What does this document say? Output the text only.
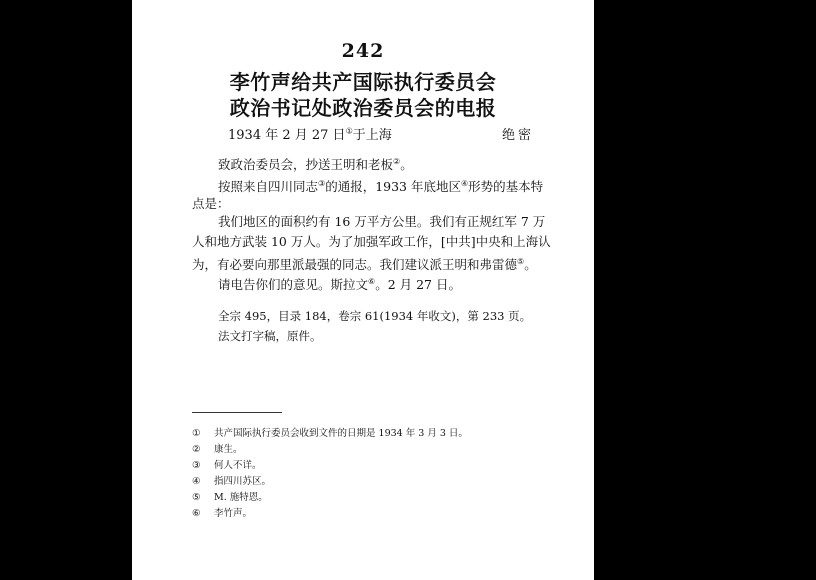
242
李竹声给共产国际执行委员会
政治书记处政治委员会的电报
1934 年 2 月 27 日①于上海	绝密
致政治委员会，抄送王明和老板②。
按照来自四川同志③的通报，1933 年底地区④形势的基本特
点是：
我们地区的面积约有 16 万平方公里。我们有正规红军 7 万
人和地方武装 10 万人。为了加强军政工作，[中共]中央和上海认
为，有必要向那里派最强的同志。我们建议派王明和弗雷德⑤。
请电告你们的意见。斯拉文⑥。2 月 27 日。
全宗 495，目录 184，卷宗 61(1934 年收文)，第 233 页。
法文打字稿，原件。
① 共产国际执行委员会收到文件的日期是 1934 年 3 月 3 日。
② 康生。
③ 何人不详。
④ 指四川苏区。
⑤ M. 施特恩。
⑥ 李竹声。
